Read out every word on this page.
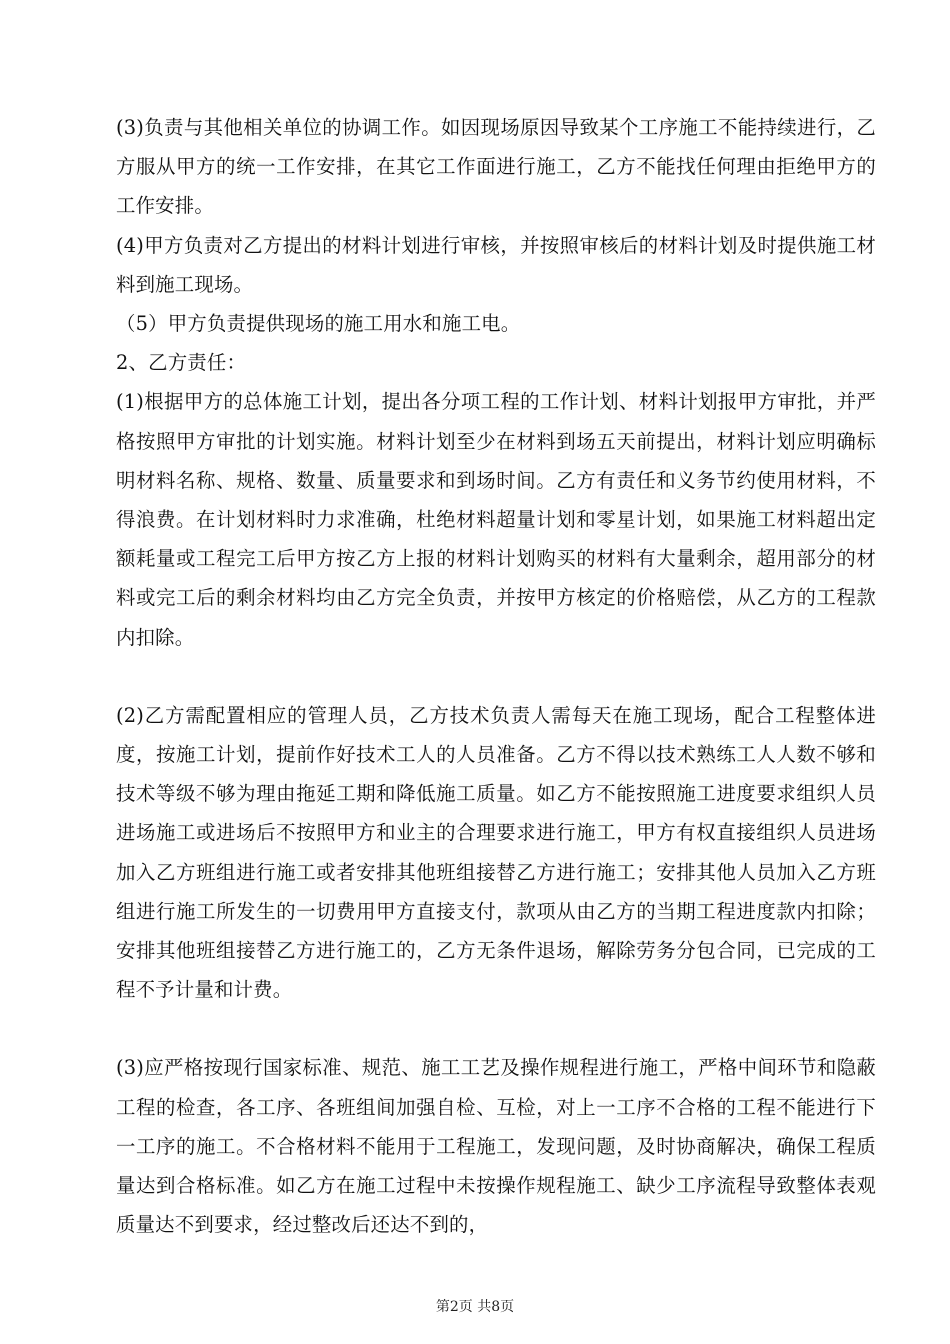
(3)负责与其他相关单位的协调工作。如因现场原因导致某个工序施工不能持续进行，乙方服从甲方的统一工作安排，在其它工作面进行施工，乙方不能找任何理由拒绝甲方的工作安排。

(4)甲方负责对乙方提出的材料计划进行审核，并按照审核后的材料计划及时提供施工材料到施工现场。

（5）甲方负责提供现场的施工用水和施工电。

2、乙方责任：

(1)根据甲方的总体施工计划，提出各分项工程的工作计划、材料计划报甲方审批，并严格按照甲方审批的计划实施。材料计划至少在材料到场五天前提出，材料计划应明确标明材料名称、规格、数量、质量要求和到场时间。乙方有责任和义务节约使用材料，不得浪费。在计划材料时力求准确，杜绝材料超量计划和零星计划，如果施工材料超出定额耗量或工程完工后甲方按乙方上报的材料计划购买的材料有大量剩余，超用部分的材料或完工后的剩余材料均由乙方完全负责，并按甲方核定的价格赔偿，从乙方的工程款内扣除。

(2)乙方需配置相应的管理人员，乙方技术负责人需每天在施工现场，配合工程整体进度，按施工计划，提前作好技术工人的人员准备。乙方不得以技术熟练工人人数不够和技术等级不够为理由拖延工期和降低施工质量。如乙方不能按照施工进度要求组织人员进场施工或进场后不按照甲方和业主的合理要求进行施工，甲方有权直接组织人员进场加入乙方班组进行施工或者安排其他班组接替乙方进行施工；安排其他人员加入乙方班组进行施工所发生的一切费用甲方直接支付，款项从由乙方的当期工程进度款内扣除；安排其他班组接替乙方进行施工的，乙方无条件退场，解除劳务分包合同，已完成的工程不予计量和计费。

(3)应严格按现行国家标准、规范、施工工艺及操作规程进行施工，严格中间环节和隐蔽工程的检查，各工序、各班组间加强自检、互检，对上一工序不合格的工程不能进行下一工序的施工。不合格材料不能用于工程施工，发现问题，及时协商解决，确保工程质量达到合格标准。如乙方在施工过程中未按操作规程施工、缺少工序流程导致整体表观质量达不到要求，经过整改后还达不到的，

第2页 共8页
